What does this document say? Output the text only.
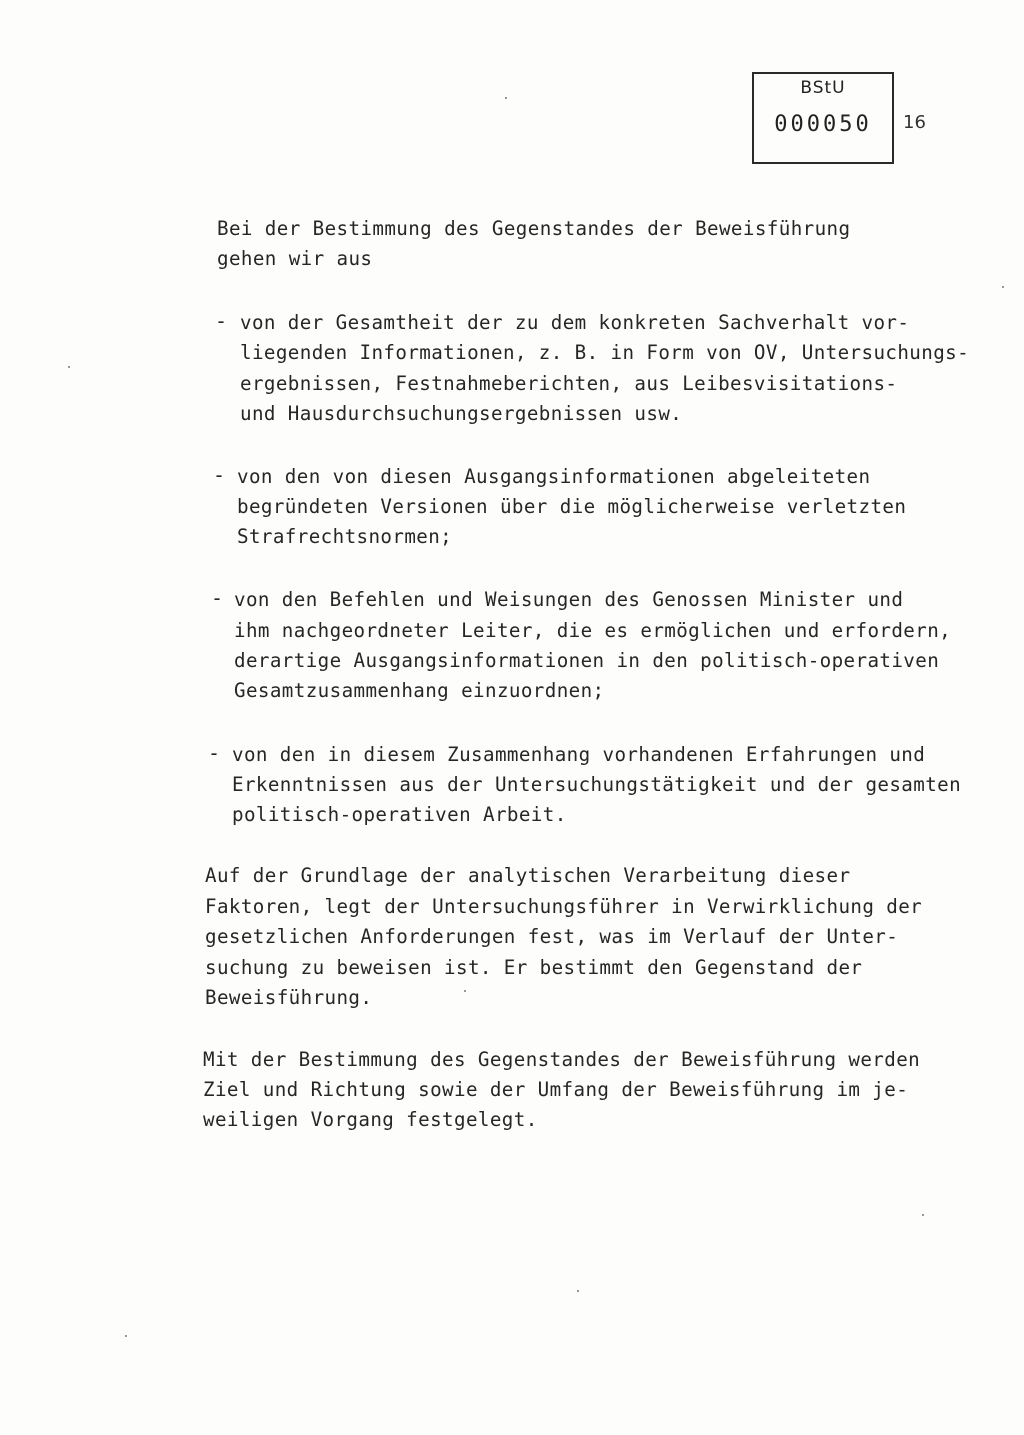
BStU
000050	16
Bei der Bestimmung des Gegenstandes der Beweisführung
gehen wir aus
- von der Gesamtheit der zu dem konkreten Sachverhalt vor-
liegenden Informationen, z. B. in Form von OV, Untersuchungs-
ergebnissen, Festnahmeberichten, aus Leibesvisitations-
und Hausdurchsuchungsergebnissen usw.
- von den von diesen Ausgangsinformationen abgeleiteten
begründeten Versionen über die möglicherweise verletzten
Strafrechtsnormen;
- von den Befehlen und Weisungen des Genossen Minister und
ihm nachgeordneter Leiter, die es ermöglichen und erfordern,
derartige Ausgangsinformationen in den politisch-operativen
Gesamtzusammenhang einzuordnen;
- von den in diesem Zusammenhang vorhandenen Erfahrungen und
Erkenntnissen aus der Untersuchungstätigkeit und der gesamten
politisch-operativen Arbeit.
Auf der Grundlage der analytischen Verarbeitung dieser
Faktoren, legt der Untersuchungsführer in Verwirklichung der
gesetzlichen Anforderungen fest, was im Verlauf der Unter-
suchung zu beweisen ist. Er bestimmt den Gegenstand der
Beweisführung.
Mit der Bestimmung des Gegenstandes der Beweisführung werden
Ziel und Richtung sowie der Umfang der Beweisführung im je-
weiligen Vorgang festgelegt.
